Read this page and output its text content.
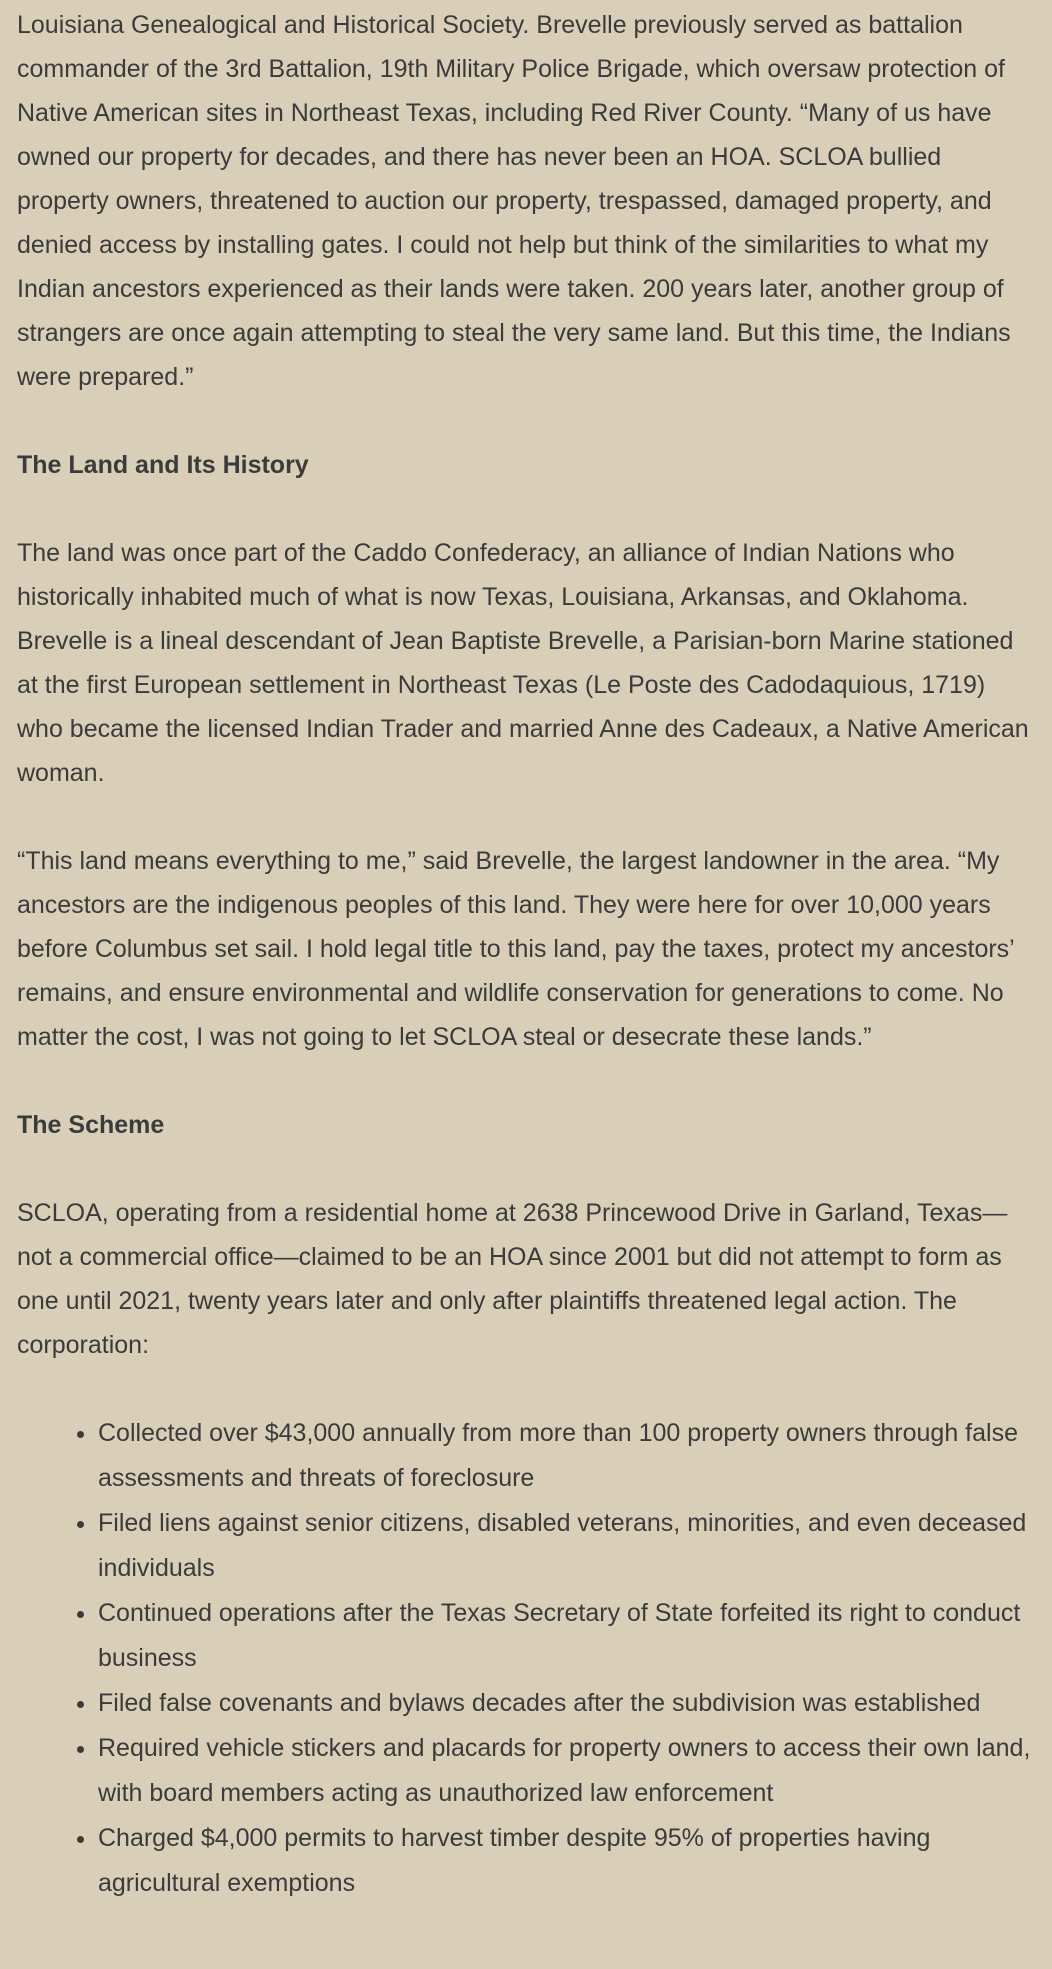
Louisiana Genealogical and Historical Society. Brevelle previously served as battalion commander of the 3rd Battalion, 19th Military Police Brigade, which oversaw protection of Native American sites in Northeast Texas, including Red River County. “Many of us have owned our property for decades, and there has never been an HOA. SCLOA bullied property owners, threatened to auction our property, trespassed, damaged property, and denied access by installing gates. I could not help but think of the similarities to what my Indian ancestors experienced as their lands were taken. 200 years later, another group of strangers are once again attempting to steal the very same land. But this time, the Indians were prepared.”

The Land and Its History

The land was once part of the Caddo Confederacy, an alliance of Indian Nations who historically inhabited much of what is now Texas, Louisiana, Arkansas, and Oklahoma. Brevelle is a lineal descendant of Jean Baptiste Brevelle, a Parisian-born Marine stationed at the first European settlement in Northeast Texas (Le Poste des Cadodaquious, 1719) who became the licensed Indian Trader and married Anne des Cadeaux, a Native American woman.

“This land means everything to me,” said Brevelle, the largest landowner in the area. “My ancestors are the indigenous peoples of this land. They were here for over 10,000 years before Columbus set sail. I hold legal title to this land, pay the taxes, protect my ancestors’ remains, and ensure environmental and wildlife conservation for generations to come. No matter the cost, I was not going to let SCLOA steal or desecrate these lands.”

The Scheme

SCLOA, operating from a residential home at 2638 Princewood Drive in Garland, Texas—not a commercial office—claimed to be an HOA since 2001 but did not attempt to form as one until 2021, twenty years later and only after plaintiffs threatened legal action. The corporation:

• Collected over $43,000 annually from more than 100 property owners through false assessments and threats of foreclosure
• Filed liens against senior citizens, disabled veterans, minorities, and even deceased individuals
• Continued operations after the Texas Secretary of State forfeited its right to conduct business
• Filed false covenants and bylaws decades after the subdivision was established
• Required vehicle stickers and placards for property owners to access their own land, with board members acting as unauthorized law enforcement
• Charged $4,000 permits to harvest timber despite 95% of properties having agricultural exemptions
